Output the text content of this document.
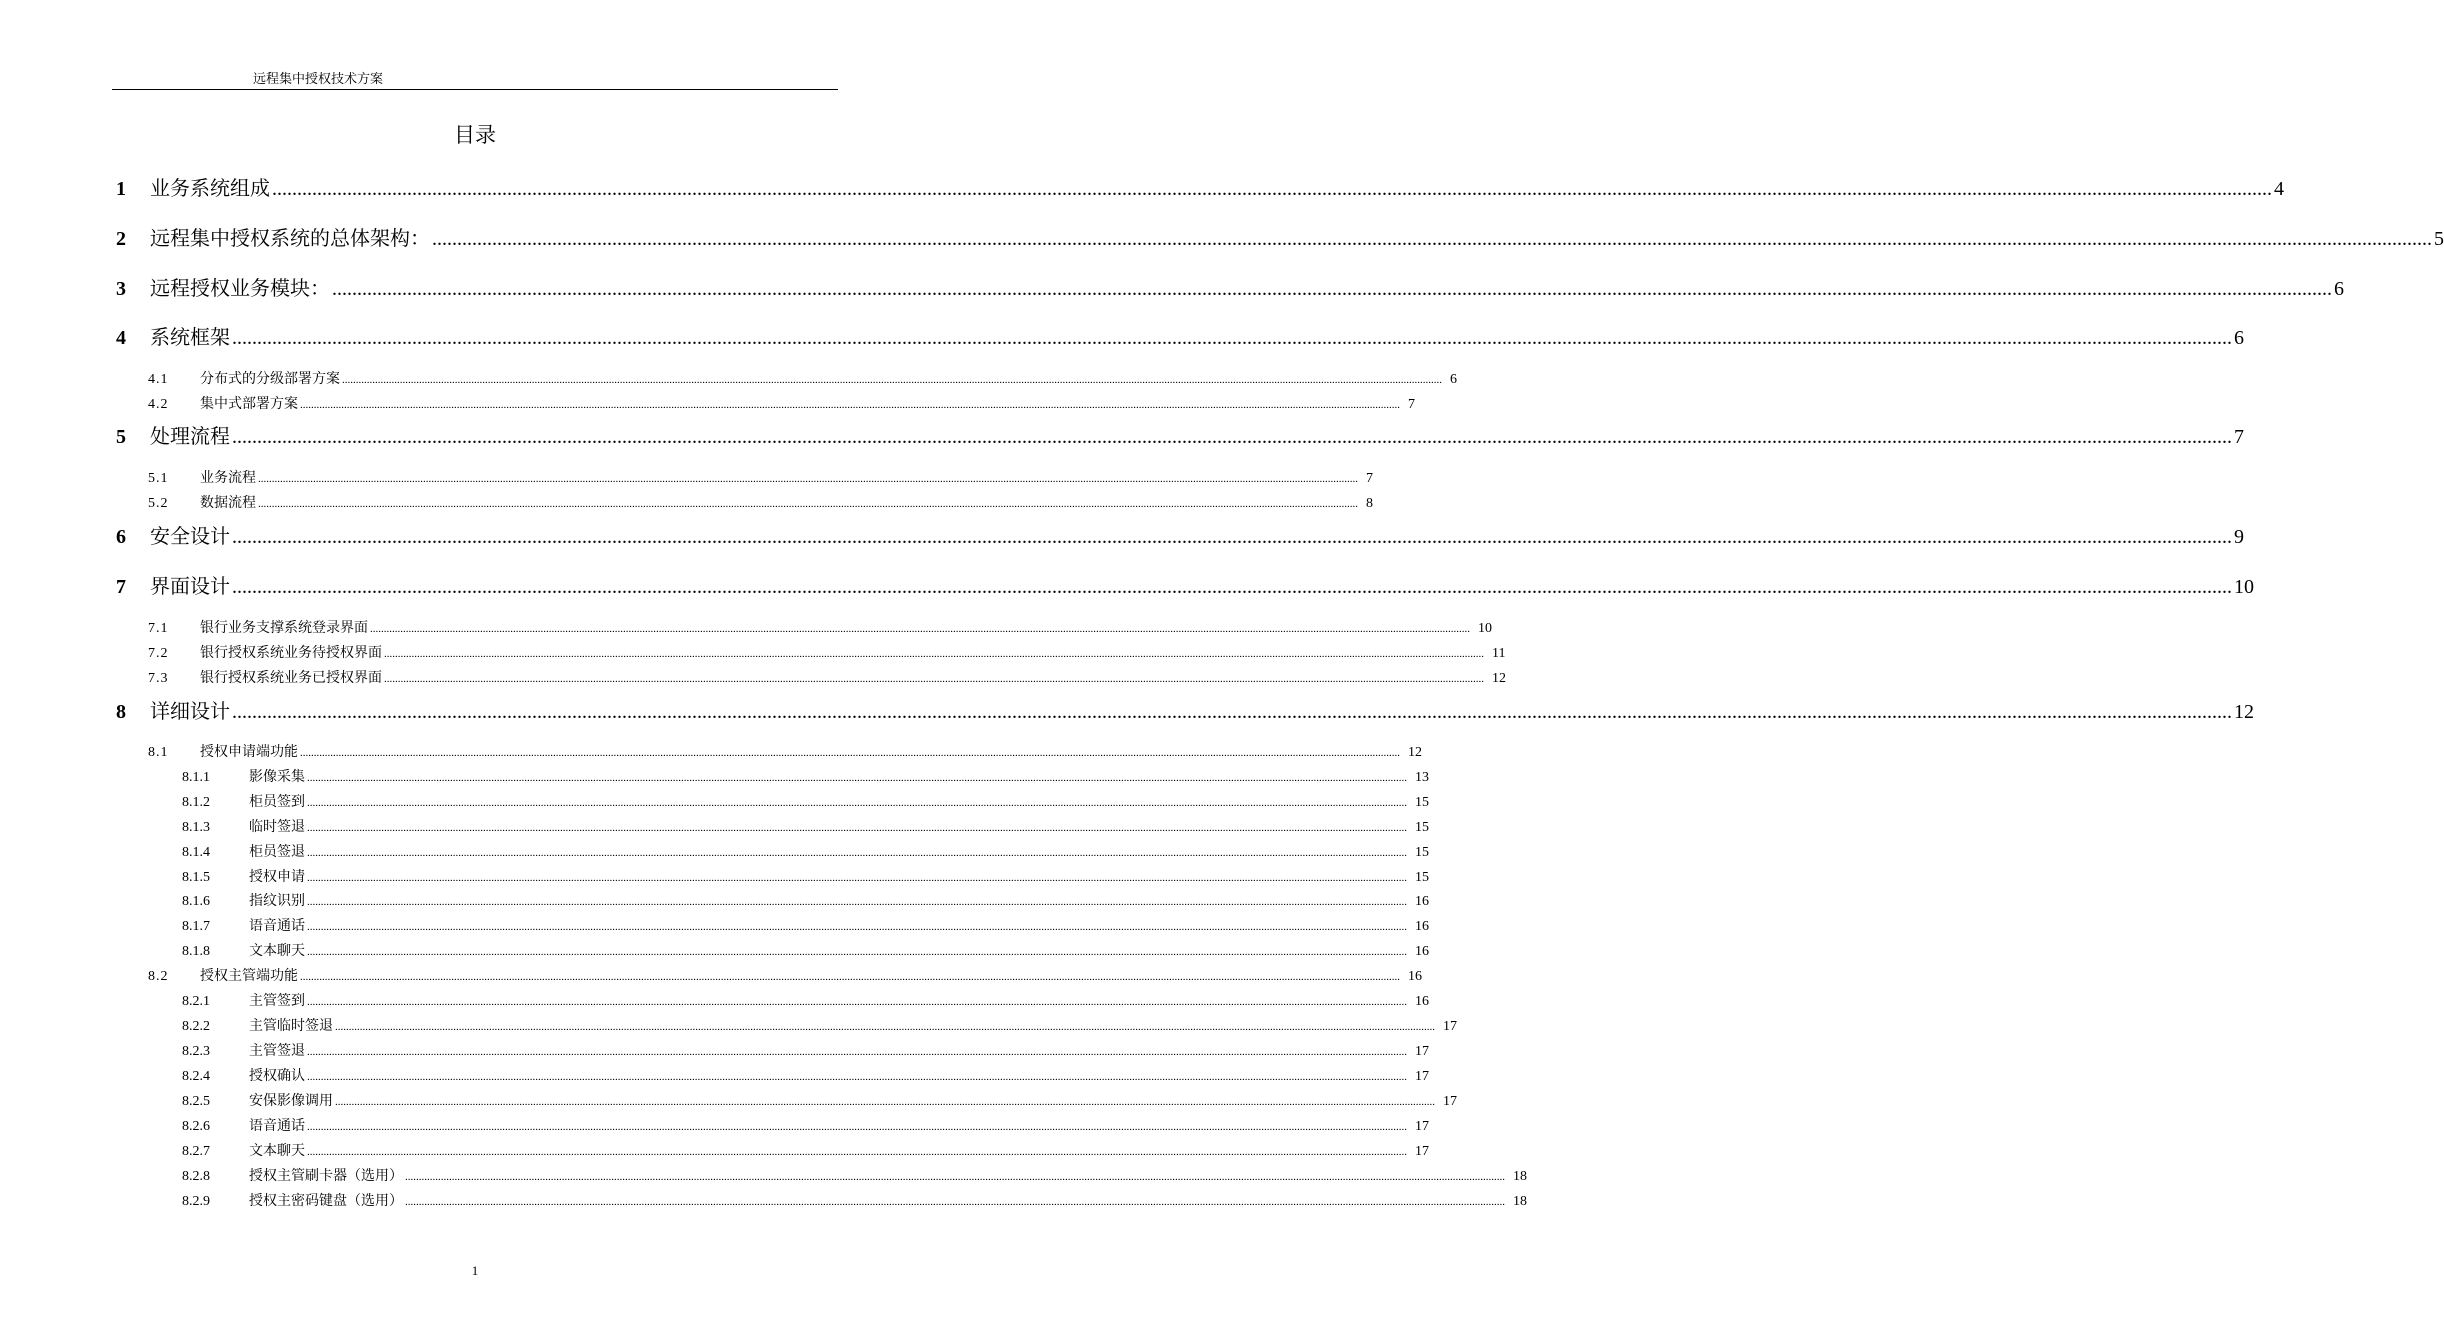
远程集中授权技术方案
目录
1	业务系统组成 ................................................................................................................................................................................................................................................................................................................................................................................................................ 4
2	远程集中授权系统的总体架构： ................................................................................................................................................................................................................................................................................................................................................................................................................ 5
3	远程授权业务模块： ................................................................................................................................................................................................................................................................................................................................................................................................................ 6
4	系统框架 ................................................................................................................................................................................................................................................................................................................................................................................................................ 6
4.1	分布式的分级部署方案 ................................................................................................................................................................................................................................................................................................................................................................................................................ 6
4.2	集中式部署方案 ................................................................................................................................................................................................................................................................................................................................................................................................................ 7
5	处理流程 ................................................................................................................................................................................................................................................................................................................................................................................................................ 7
5.1	业务流程 ................................................................................................................................................................................................................................................................................................................................................................................................................ 7
5.2	数据流程 ................................................................................................................................................................................................................................................................................................................................................................................................................ 8
6	安全设计 ................................................................................................................................................................................................................................................................................................................................................................................................................ 9
7	界面设计 ................................................................................................................................................................................................................................................................................................................................................................................................................ 10
7.1	银行业务支撑系统登录界面 ................................................................................................................................................................................................................................................................................................................................................................................................................ 10
7.2	银行授权系统业务待授权界面 ................................................................................................................................................................................................................................................................................................................................................................................................................ 11
7.3	银行授权系统业务已授权界面 ................................................................................................................................................................................................................................................................................................................................................................................................................ 12
8	详细设计 ................................................................................................................................................................................................................................................................................................................................................................................................................ 12
8.1	授权申请端功能 ................................................................................................................................................................................................................................................................................................................................................................................................................ 12
8.1.1	影像采集 ................................................................................................................................................................................................................................................................................................................................................................................................................ 13
8.1.2	柜员签到 ................................................................................................................................................................................................................................................................................................................................................................................................................ 15
8.1.3	临时签退 ................................................................................................................................................................................................................................................................................................................................................................................................................ 15
8.1.4	柜员签退 ................................................................................................................................................................................................................................................................................................................................................................................................................ 15
8.1.5	授权申请 ................................................................................................................................................................................................................................................................................................................................................................................................................ 15
8.1.6	指纹识别 ................................................................................................................................................................................................................................................................................................................................................................................................................ 16
8.1.7	语音通话 ................................................................................................................................................................................................................................................................................................................................................................................................................ 16
8.1.8	文本聊天 ................................................................................................................................................................................................................................................................................................................................................................................................................ 16
8.2	授权主管端功能 ................................................................................................................................................................................................................................................................................................................................................................................................................ 16
8.2.1	主管签到 ................................................................................................................................................................................................................................................................................................................................................................................................................ 16
8.2.2	主管临时签退 ................................................................................................................................................................................................................................................................................................................................................................................................................ 17
8.2.3	主管签退 ................................................................................................................................................................................................................................................................................................................................................................................................................ 17
8.2.4	授权确认 ................................................................................................................................................................................................................................................................................................................................................................................................................ 17
8.2.5	安保影像调用 ................................................................................................................................................................................................................................................................................................................................................................................................................ 17
8.2.6	语音通话 ................................................................................................................................................................................................................................................................................................................................................................................................................ 17
8.2.7	文本聊天 ................................................................................................................................................................................................................................................................................................................................................................................................................ 17
8.2.8	授权主管刷卡器（选用） ................................................................................................................................................................................................................................................................................................................................................................................................................ 18
8.2.9	授权主密码键盘（选用） ................................................................................................................................................................................................................................................................................................................................................................................................................ 18
1
